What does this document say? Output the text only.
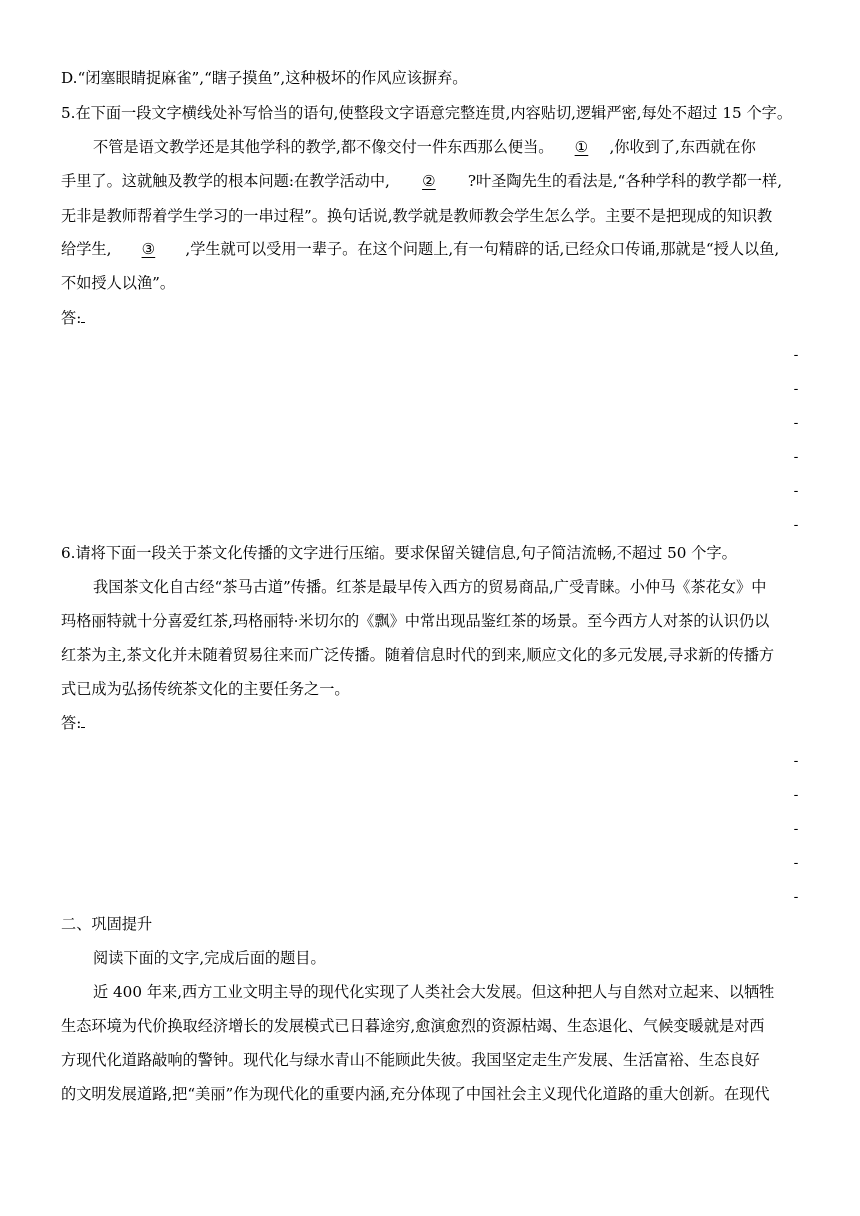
D.“闭塞眼睛捉麻雀”,“瞎子摸鱼”,这种极坏的作风应该摒弃。
5.在下面一段文字横线处补写恰当的语句,使整段文字语意完整连贯,内容贴切,逻辑严密,每处不超过 15 个字。
不管是语文教学还是其他学科的教学,都不像交付一件东西那么便当。 ① ,你收到了,东西就在你
手里了。这就触及教学的根本问题:在教学活动中, ② ?叶圣陶先生的看法是,“各种学科的教学都一样,
无非是教师帮着学生学习的一串过程”。换句话说,教学就是教师教会学生怎么学。主要不是把现成的知识教
给学生, ③ ,学生就可以受用一辈子。在这个问题上,有一句精辟的话,已经众口传诵,那就是“授人以鱼,
不如授人以渔”。
答:
-
-
-
-
-
-
6.请将下面一段关于茶文化传播的文字进行压缩。要求保留关键信息,句子简洁流畅,不超过 50 个字。
我国茶文化自古经“茶马古道”传播。红茶是最早传入西方的贸易商品,广受青睐。小仲马《茶花女》中
玛格丽特就十分喜爱红茶,玛格丽特·米切尔的《飘》中常出现品鉴红茶的场景。至今西方人对茶的认识仍以
红茶为主,茶文化并未随着贸易往来而广泛传播。随着信息时代的到来,顺应文化的多元发展,寻求新的传播方
式已成为弘扬传统茶文化的主要任务之一。
答:
-
-
-
-
-
二、巩固提升
阅读下面的文字,完成后面的题目。
近 400 年来,西方工业文明主导的现代化实现了人类社会大发展。但这种把人与自然对立起来、以牺牲
生态环境为代价换取经济增长的发展模式已日暮途穷,愈演愈烈的资源枯竭、生态退化、气候变暖就是对西
方现代化道路敲响的警钟。现代化与绿水青山不能顾此失彼。我国坚定走生产发展、生活富裕、生态良好
的文明发展道路,把“美丽”作为现代化的重要内涵,充分体现了中国社会主义现代化道路的重大创新。在现代
